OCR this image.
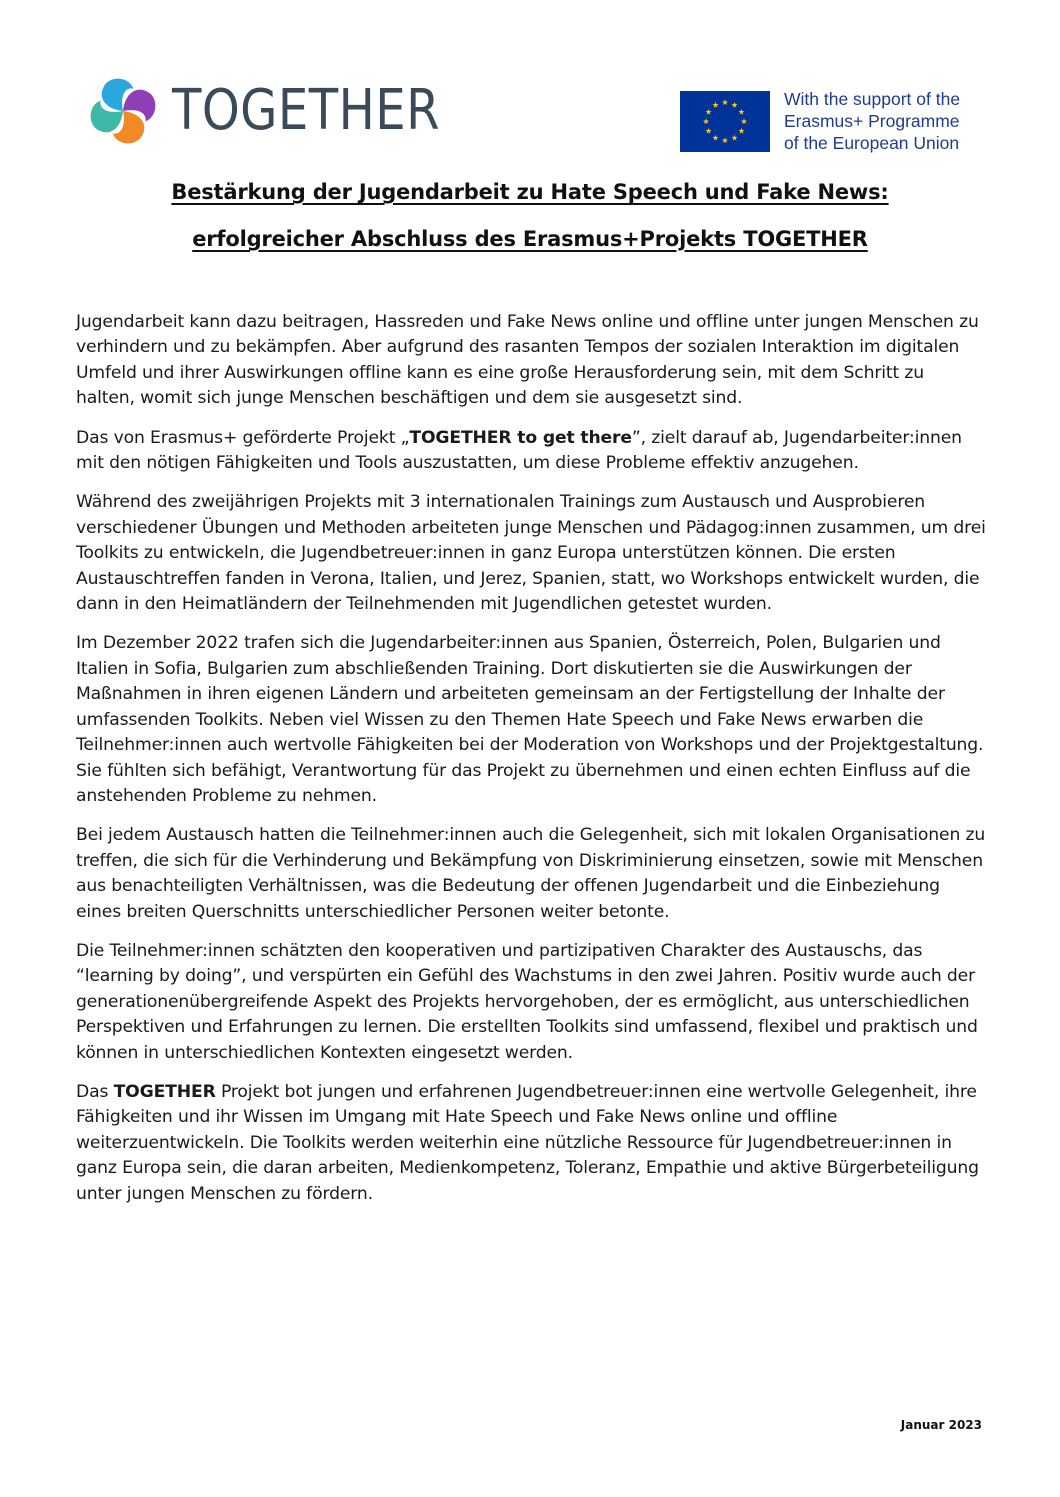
TOGETHER	With the support of the
Erasmus+ Programme
of the European Union
Bestärkung der Jugendarbeit zu Hate Speech und Fake News:
erfolgreicher Abschluss des Erasmus+Projekts TOGETHER

Jugendarbeit kann dazu beitragen, Hassreden und Fake News online und offline unter jungen Menschen zu verhindern und zu bekämpfen. Aber aufgrund des rasanten Tempos der sozialen Interaktion im digitalen Umfeld und ihrer Auswirkungen offline kann es eine große Herausforderung sein, mit dem Schritt zu halten, womit sich junge Menschen beschäftigen und dem sie ausgesetzt sind.

Das von Erasmus+ geförderte Projekt „TOGETHER to get there”, zielt darauf ab, Jugendarbeiter:innen mit den nötigen Fähigkeiten und Tools auszustatten, um diese Probleme effektiv anzugehen.

Während des zweijährigen Projekts mit 3 internationalen Trainings zum Austausch und Ausprobieren verschiedener Übungen und Methoden arbeiteten junge Menschen und Pädagog:innen zusammen, um drei Toolkits zu entwickeln, die Jugendbetreuer:innen in ganz Europa unterstützen können. Die ersten Austauschtreffen fanden in Verona, Italien, und Jerez, Spanien, statt, wo Workshops entwickelt wurden, die dann in den Heimatländern der Teilnehmenden mit Jugendlichen getestet wurden.

Im Dezember 2022 trafen sich die Jugendarbeiter:innen aus Spanien, Österreich, Polen, Bulgarien und Italien in Sofia, Bulgarien zum abschließenden Training. Dort diskutierten sie die Auswirkungen der Maßnahmen in ihren eigenen Ländern und arbeiteten gemeinsam an der Fertigstellung der Inhalte der umfassenden Toolkits. Neben viel Wissen zu den Themen Hate Speech und Fake News erwarben die Teilnehmer:innen auch wertvolle Fähigkeiten bei der Moderation von Workshops und der Projektgestaltung. Sie fühlten sich befähigt, Verantwortung für das Projekt zu übernehmen und einen echten Einfluss auf die anstehenden Probleme zu nehmen.

Bei jedem Austausch hatten die Teilnehmer:innen auch die Gelegenheit, sich mit lokalen Organisationen zu treffen, die sich für die Verhinderung und Bekämpfung von Diskriminierung einsetzen, sowie mit Menschen aus benachteiligten Verhältnissen, was die Bedeutung der offenen Jugendarbeit und die Einbeziehung eines breiten Querschnitts unterschiedlicher Personen weiter betonte.

Die Teilnehmer:innen schätzten den kooperativen und partizipativen Charakter des Austauschs, das “learning by doing”, und verspürten ein Gefühl des Wachstums in den zwei Jahren. Positiv wurde auch der generationenübergreifende Aspekt des Projekts hervorgehoben, der es ermöglicht, aus unterschiedlichen Perspektiven und Erfahrungen zu lernen. Die erstellten Toolkits sind umfassend, flexibel und praktisch und können in unterschiedlichen Kontexten eingesetzt werden.

Das TOGETHER Projekt bot jungen und erfahrenen Jugendbetreuer:innen eine wertvolle Gelegenheit, ihre Fähigkeiten und ihr Wissen im Umgang mit Hate Speech und Fake News online und offline weiterzuentwickeln. Die Toolkits werden weiterhin eine nützliche Ressource für Jugendbetreuer:innen in ganz Europa sein, die daran arbeiten, Medienkompetenz, Toleranz, Empathie und aktive Bürgerbeteiligung unter jungen Menschen zu fördern.

Januar 2023
